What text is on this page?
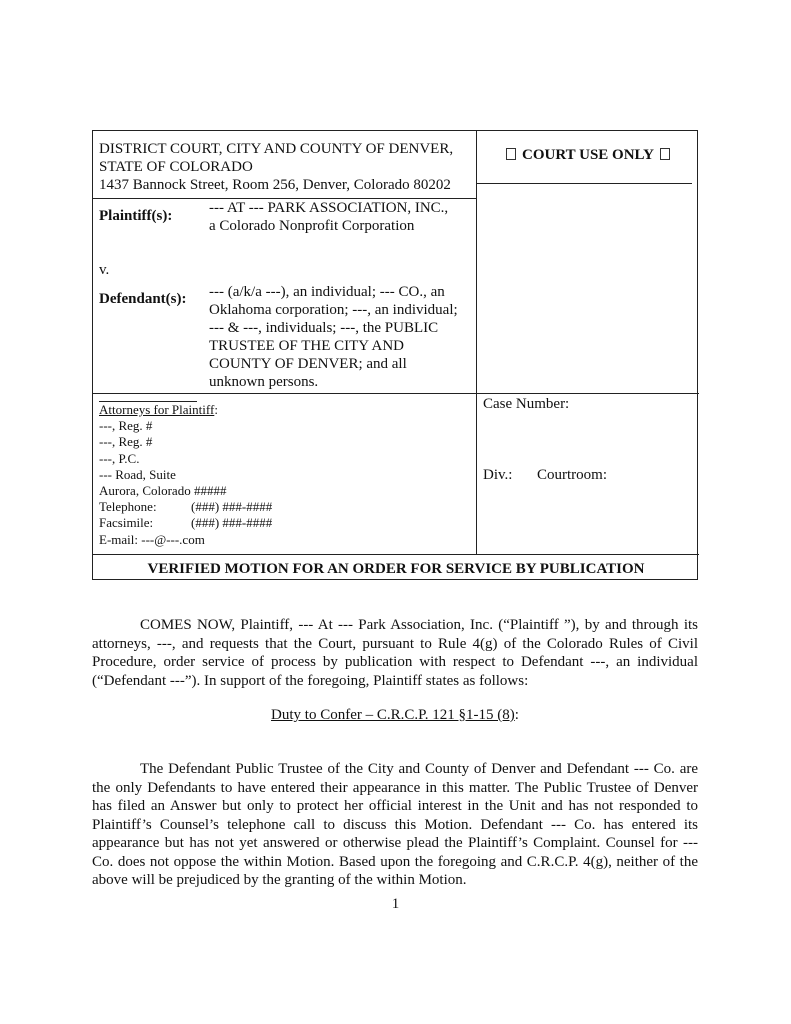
DISTRICT COURT, CITY AND COUNTY OF DENVER,
STATE OF COLORADO
1437 Bannock Street, Room 256, Denver, Colorado 80202
COURT USE ONLY
Plaintiff(s): --- AT --- PARK ASSOCIATION, INC.,
a Colorado Nonprofit Corporation
v.
Defendant(s): --- (a/k/a ---), an individual; --- CO., an
Oklahoma corporation; ---, an individual;
--- & ---, individuals; ---, the PUBLIC
TRUSTEE OF THE CITY AND
COUNTY OF DENVER; and all
unknown persons.
Attorneys for Plaintiff:
---, Reg. #
---, Reg. #
---, P.C.
--- Road, Suite
Aurora, Colorado #####
Telephone:	(###) ###-####
Facsimile:	(###) ###-####
E-mail: ---@---.com
Case Number:
Div.: Courtroom:
VERIFIED MOTION FOR AN ORDER FOR SERVICE BY PUBLICATION

COMES NOW, Plaintiff, --- At --- Park Association, Inc. (“Plaintiff ”), by and through its attorneys, ---, and requests that the Court, pursuant to Rule 4(g) of the Colorado Rules of Civil Procedure, order service of process by publication with respect to Defendant ---, an individual (“Defendant ---”). In support of the foregoing, Plaintiff states as follows:

Duty to Confer – C.R.C.P. 121 §1-15 (8):

The Defendant Public Trustee of the City and County of Denver and Defendant --- Co. are the only Defendants to have entered their appearance in this matter. The Public Trustee of Denver has filed an Answer but only to protect her official interest in the Unit and has not responded to Plaintiff’s Counsel’s telephone call to discuss this Motion. Defendant --- Co. has entered its appearance but has not yet answered or otherwise plead the Plaintiff’s Complaint. Counsel for --- Co. does not oppose the within Motion. Based upon the foregoing and C.R.C.P. 4(g), neither of the above will be prejudiced by the granting of the within Motion.

1
